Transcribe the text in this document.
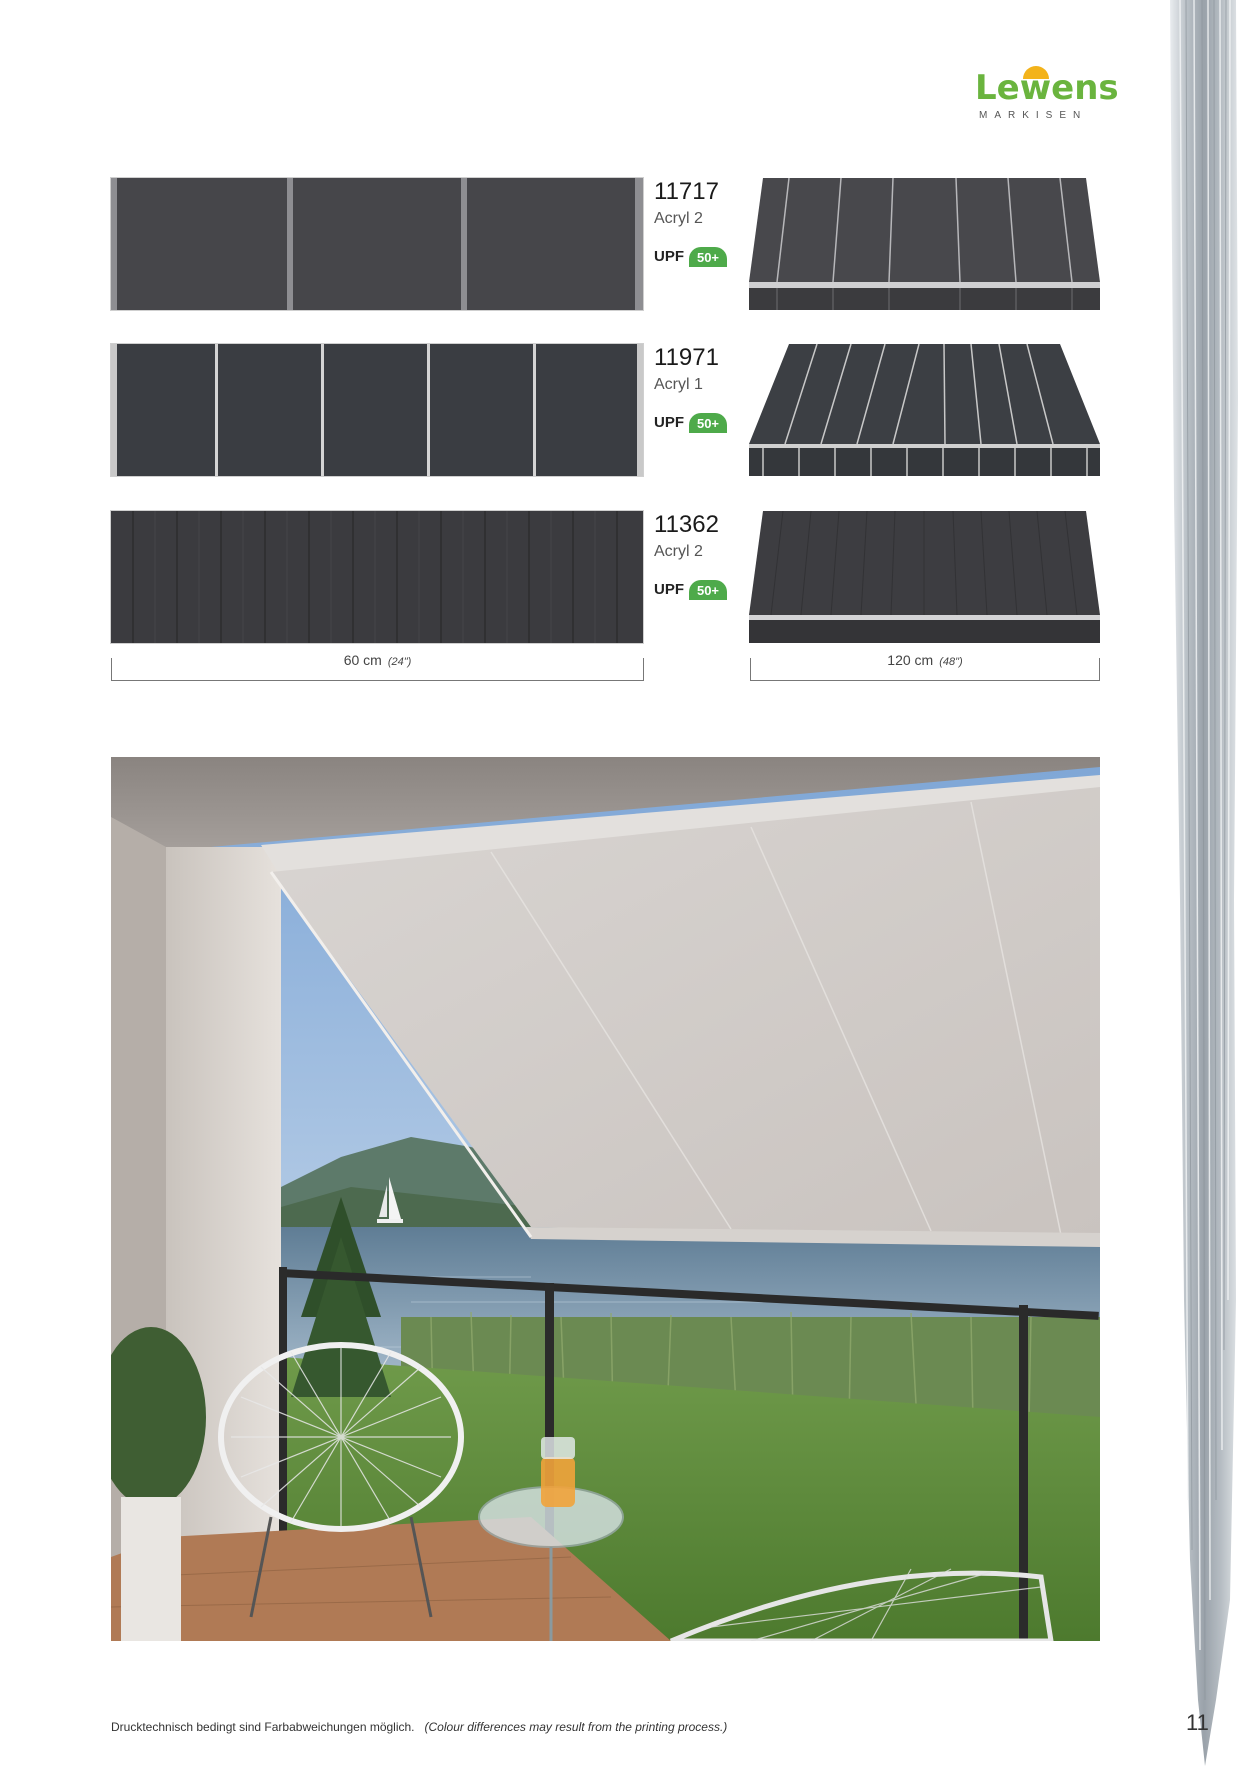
Lewens
MARKISEN
11717
Acryl 2
UPF 50+
11971
Acryl 1
UPF 50+
11362
Acryl 2
UPF 50+
60 cm (24")	120 cm (48")
Drucktechnisch bedingt sind Farbabweichungen möglich. (Colour differences may result from the printing process.)	11
